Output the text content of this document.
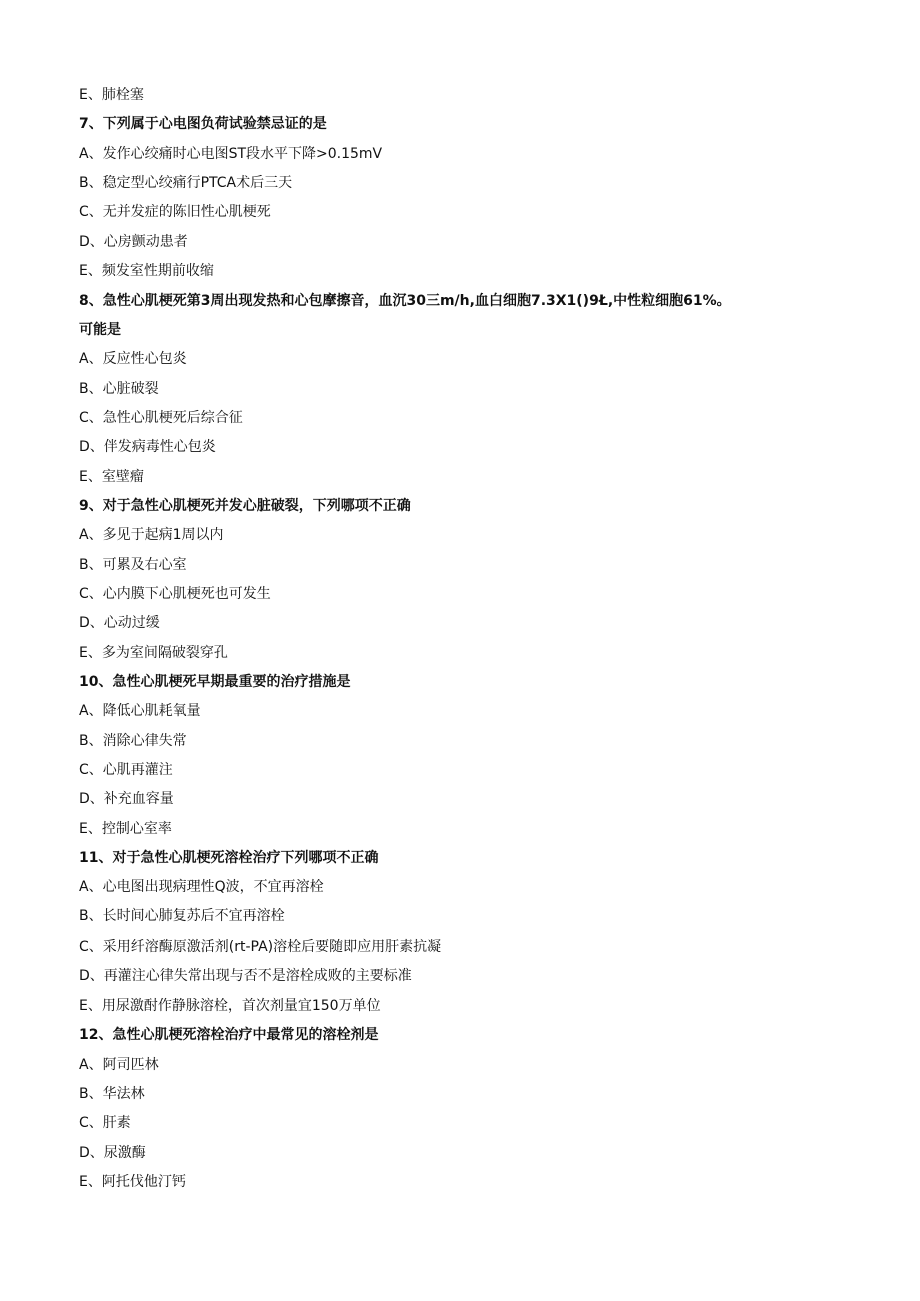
E、肺栓塞
7、下列属于心电图负荷试验禁忌证的是
A、发作心绞痛时心电图ST段水平下降>0.15mV
B、稳定型心绞痛行PTCA术后三天
C、无并发症的陈旧性心肌梗死
D、心房颤动患者
E、频发室性期前收缩
8、急性心肌梗死第3周出现发热和心包摩擦音，血沉30三m/h,血白细胞7.3X1()9Ł,中性粒细胞61%。
可能是
A、反应性心包炎
B、心脏破裂
C、急性心肌梗死后综合征
D、伴发病毒性心包炎
E、室壁瘤
9、对于急性心肌梗死并发心脏破裂，下列哪项不正确
A、多见于起病1周以内
B、可累及右心室
C、心内膜下心肌梗死也可发生
D、心动过缓
E、多为室间隔破裂穿孔
10、急性心肌梗死早期最重要的治疗措施是
A、降低心肌耗氧量
B、消除心律失常
C、心肌再灌注
D、补充血容量
E、控制心室率
11、对于急性心肌梗死溶栓治疗下列哪项不正确
A、心电图出现病理性Q波，不宜再溶栓
B、长时间心肺复苏后不宜再溶栓
C、采用纤溶酶原激活剂(rt-PA)溶栓后要随即应用肝素抗凝
D、再灌注心律失常出现与否不是溶栓成败的主要标准
E、用尿激酎作静脉溶栓，首次剂量宜150万单位
12、急性心肌梗死溶栓治疗中最常见的溶栓剂是
A、阿司匹林
B、华法林
C、肝素
D、尿激酶
E、阿托伐他汀钙
